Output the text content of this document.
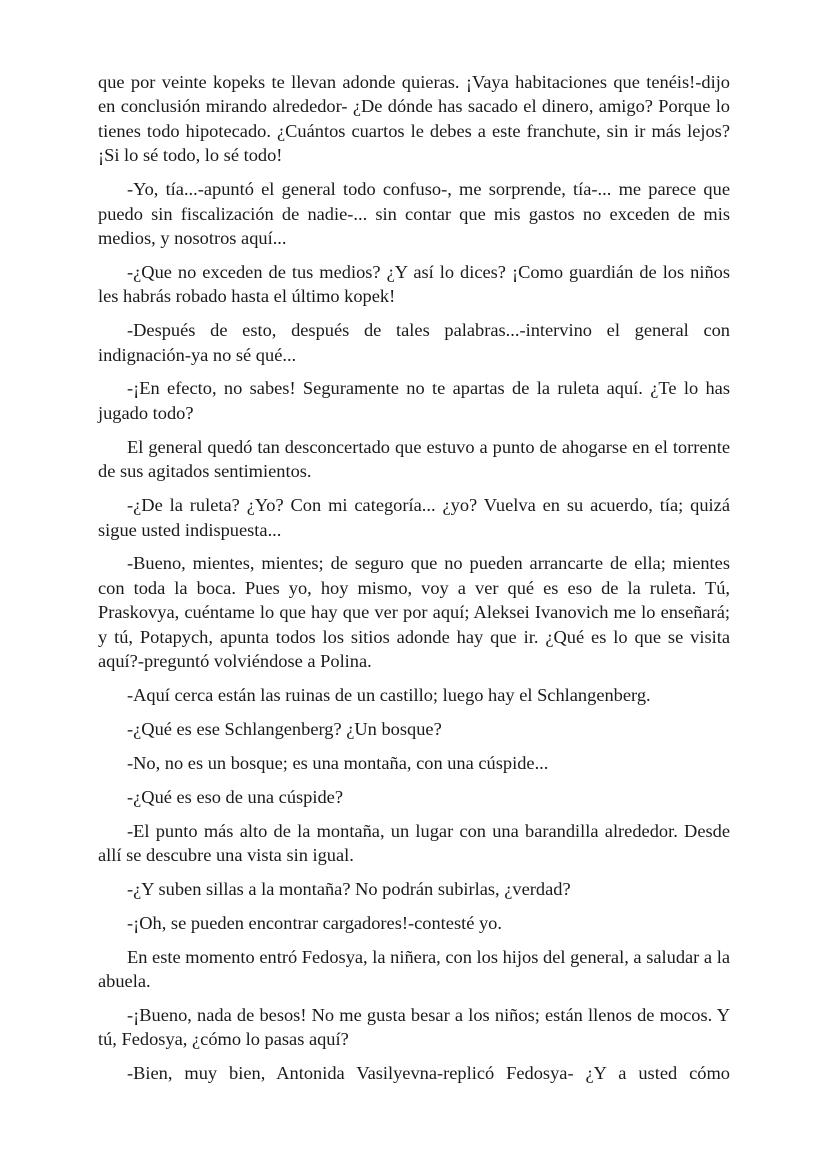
que por veinte kopeks te llevan adonde quieras. ¡Vaya habitaciones que tenéis!-dijo en conclusión mirando alrededor- ¿De dónde has sacado el dinero, amigo? Porque lo tienes todo hipotecado. ¿Cuántos cuartos le debes a este franchute, sin ir más lejos? ¡Si lo sé todo, lo sé todo!

-Yo, tía...-apuntó el general todo confuso-, me sorprende, tía-... me parece que puedo sin fiscalización de nadie-... sin contar que mis gastos no exceden de mis medios, y nosotros aquí...

-¿Que no exceden de tus medios? ¿Y así lo dices? ¡Como guardián de los niños les habrás robado hasta el último kopek!

-Después de esto, después de tales palabras...-intervino el general con indignación-ya no sé qué...

-¡En efecto, no sabes! Seguramente no te apartas de la ruleta aquí. ¿Te lo has jugado todo?

El general quedó tan desconcertado que estuvo a punto de ahogarse en el torrente de sus agitados sentimientos.

-¿De la ruleta? ¿Yo? Con mi categoría... ¿yo? Vuelva en su acuerdo, tía; quizá sigue usted indispuesta...

-Bueno, mientes, mientes; de seguro que no pueden arrancarte de ella; mientes con toda la boca. Pues yo, hoy mismo, voy a ver qué es eso de la ruleta. Tú, Praskovya, cuéntame lo que hay que ver por aquí; Aleksei Ivanovich me lo enseñará; y tú, Potapych, apunta todos los sitios adonde hay que ir. ¿Qué es lo que se visita aquí?-preguntó volviéndose a Polina.

-Aquí cerca están las ruinas de un castillo; luego hay el Schlangenberg.

-¿Qué es ese Schlangenberg? ¿Un bosque?

-No, no es un bosque; es una montaña, con una cúspide...

-¿Qué es eso de una cúspide?

-El punto más alto de la montaña, un lugar con una barandilla alrededor. Desde allí se descubre una vista sin igual.

-¿Y suben sillas a la montaña? No podrán subirlas, ¿verdad?

-¡Oh, se pueden encontrar cargadores!-contesté yo.

En este momento entró Fedosya, la niñera, con los hijos del general, a saludar a la abuela.

-¡Bueno, nada de besos! No me gusta besar a los niños; están llenos de mocos. Y tú, Fedosya, ¿cómo lo pasas aquí?

-Bien, muy bien, Antonida Vasilyevna-replicó Fedosya- ¿Y a usted cómo
